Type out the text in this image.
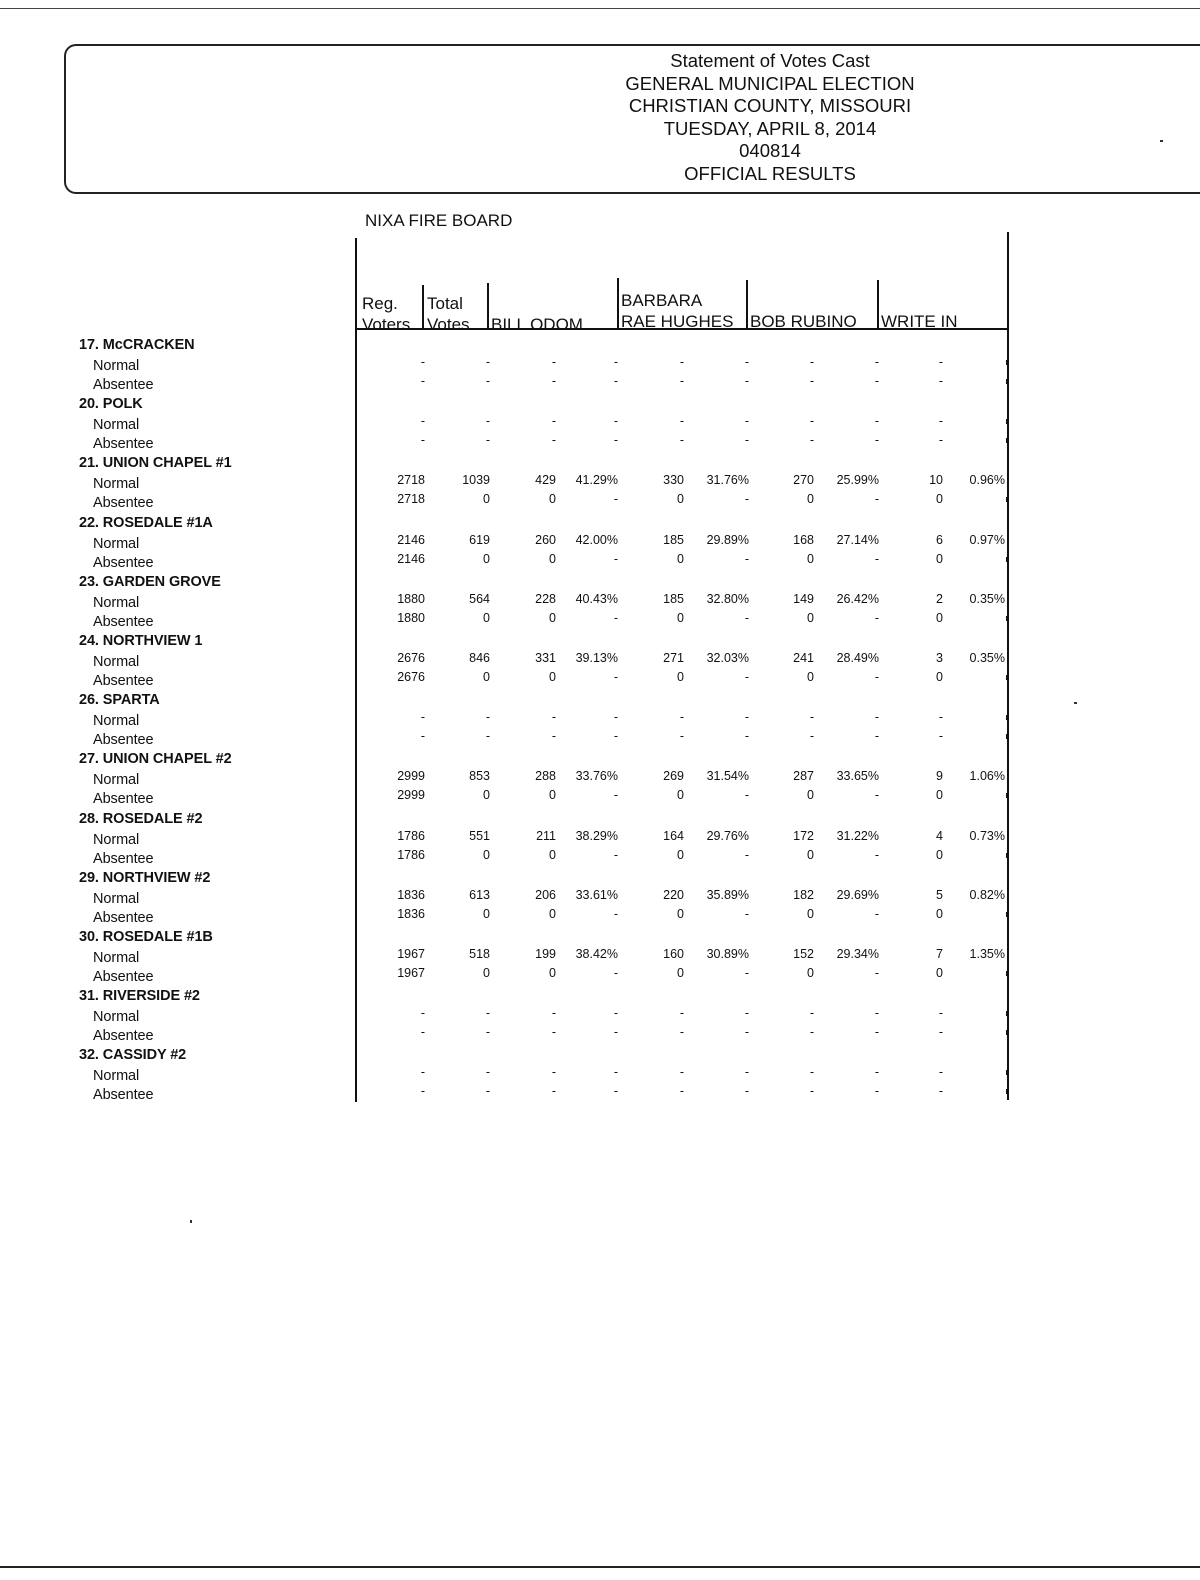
Statement of Votes Cast
GENERAL MUNICIPAL ELECTION
CHRISTIAN COUNTY, MISSOURI
TUESDAY, APRIL 8, 2014
040814
OFFICIAL RESULTS
NIXA FIRE BOARD
Reg.
Voters
Total
Votes
BILL ODOM
BARBARA
RAE HUGHES
BOB RUBINO
WRITE IN
17. McCRACKEN
Normal	-	-	-	-	-	-	-	-	-
Absentee	-	-	-	-	-	-	-	-	-
20. POLK
Normal	-	-	-	-	-	-	-	-	-
Absentee	-	-	-	-	-	-	-	-	-
21. UNION CHAPEL #1
Normal	2718	1039	429 41.29%	330 31.76%	270 25.99%	10 0.96%
Absentee	2718	0	0	-	0	-	0	-	0
22. ROSEDALE #1A
Normal	2146	619	260 42.00%	185 29.89%	168 27.14%	6 0.97%
Absentee	2146	0	0	-	0	-	0	-	0
23. GARDEN GROVE
Normal	1880	564	228 40.43%	185 32.80%	149 26.42%	2 0.35%
Absentee	1880	0	0	-	0	-	0	-	0
24. NORTHVIEW 1
Normal	2676	846	331 39.13%	271 32.03%	241 28.49%	3 0.35%
Absentee	2676	0	0	-	0	-	0	-	0
26. SPARTA
Normal	-	-	-	-	-	-	-	-	-
Absentee	-	-	-	-	-	-	-	-	-
27. UNION CHAPEL #2
Normal	2999	853	288 33.76%	269 31.54%	287 33.65%	9 1.06%
Absentee	2999	0	0	-	0	-	0	-	0
28. ROSEDALE #2
Normal	1786	551	211 38.29%	164 29.76%	172 31.22%	4 0.73%
Absentee	1786	0	0	-	0	-	0	-	0
29. NORTHVIEW #2
Normal	1836	613	206 33.61%	220 35.89%	182 29.69%	5 0.82%
Absentee	1836	0	0	-	0	-	0	-	0
30. ROSEDALE #1B
Normal	1967	518	199 38.42%	160 30.89%	152 29.34%	7 1.35%
Absentee	1967	0	0	-	0	-	0	-	0
31. RIVERSIDE #2
Normal	-	-	-	-	-	-	-	-	-
Absentee	-	-	-	-	-	-	-	-	-
32. CASSIDY #2
Normal	-	-	-	-	-	-	-	-	-
Absentee	-	-	-	-	-	-	-	-	-
